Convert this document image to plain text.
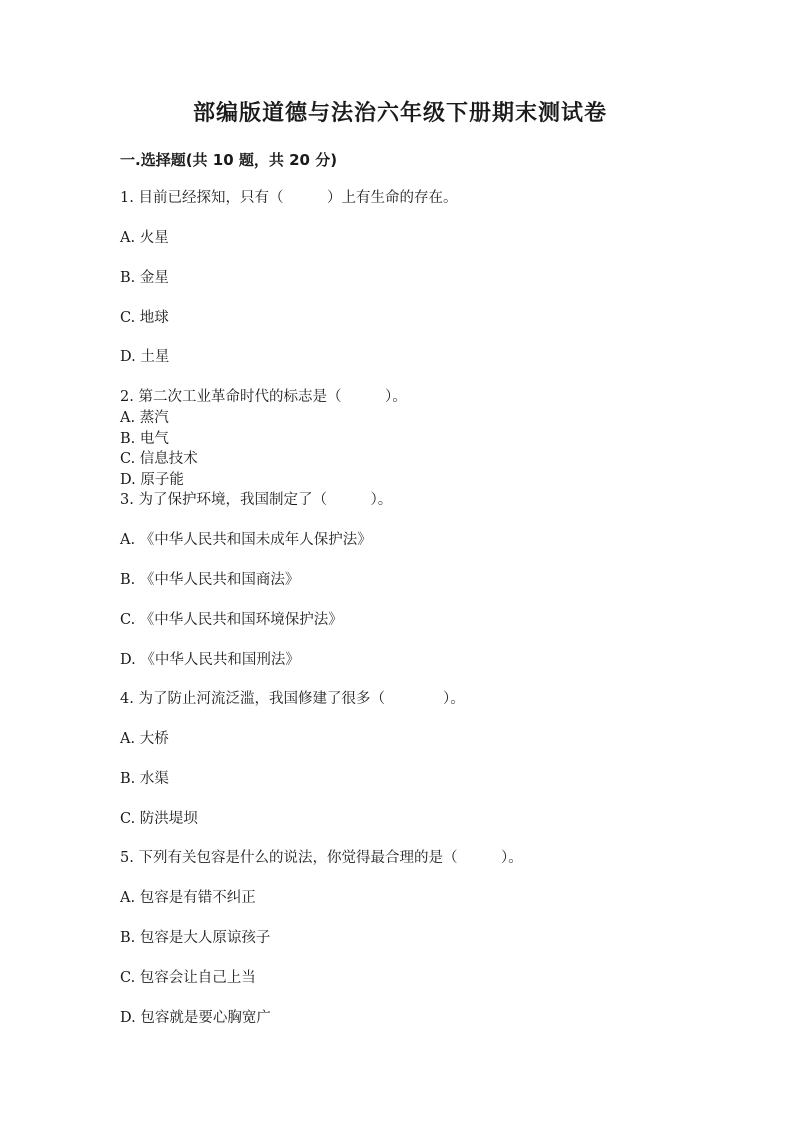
部编版道德与法治六年级下册期末测试卷
一.选择题(共 10 题，共 20 分)
1. 目前已经探知，只有（　　　）上有生命的存在。
A. 火星
B. 金星
C. 地球
D. 土星
2. 第二次工业革命时代的标志是（　　　）。
A. 蒸汽
B. 电气
C. 信息技术
D. 原子能
3. 为了保护环境，我国制定了（　　　）。
A. 《中华人民共和国未成年人保护法》
B. 《中华人民共和国商法》
C. 《中华人民共和国环境保护法》
D. 《中华人民共和国刑法》
4. 为了防止河流泛滥，我国修建了很多（　　　　）。
A. 大桥
B. 水渠
C. 防洪堤坝
5. 下列有关包容是什么的说法，你觉得最合理的是（　　　）。
A. 包容是有错不纠正
B. 包容是大人原谅孩子
C. 包容会让自己上当
D. 包容就是要心胸宽广
